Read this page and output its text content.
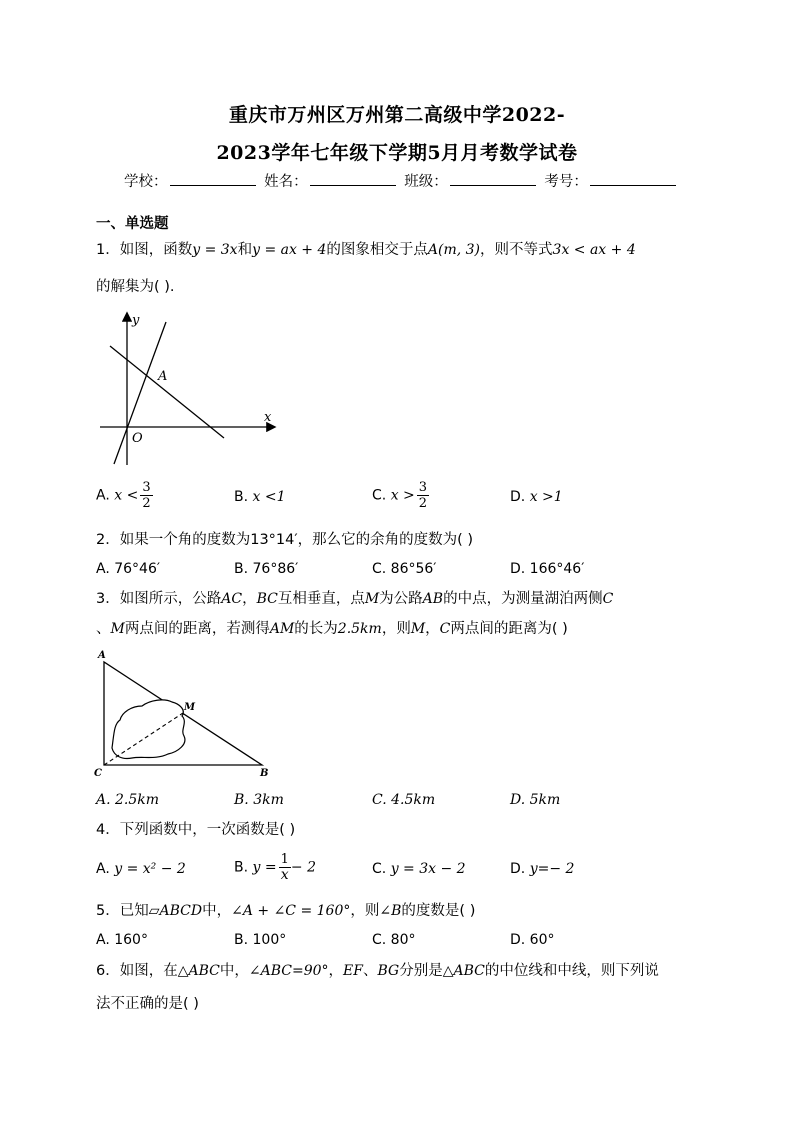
重庆市万州区万州第二高级中学2022-
2023学年七年级下学期5月月考数学试卷
学校：	姓名：	班级：	考号：
一、单选题
1．如图，函数y = 3x和y = ax + 4的图象相交于点A(m, 3)，则不等式3x < ax + 4
的解集为( ).
y
x
A
O
A. $x < \frac{3}{2}$	B. x <1	C. $x > \frac{3}{2}$	D. x >1
2．如果一个角的度数为13°14′，那么它的余角的度数为( )
A. 76°46′	B. 76°86′	C. 86°56′	D. 166°46′
3．如图所示，公路AC，BC互相垂直，点M为公路AB的中点，为测量湖泊两侧C
、M两点间的距离，若测得AM的长为2.5km，则M，C两点间的距离为( )
A
M
C	B
A. 2.5km	B. 3km	C. 4.5km	D. 5km
4．下列函数中，一次函数是( )
A. y = x² − 2	B. $y = \frac{1}{x} - 2$	C. y = 3x − 2	D. y=− 2
5．已知▱ABCD中，∠A + ∠C = 160°，则∠B的度数是( )
A. 160°	B. 100°	C. 80°	D. 60°
6．如图，在△ABC中，∠ABC=90°，EF、BG分别是△ABC的中位线和中线，则下列说
法不正确的是( )
